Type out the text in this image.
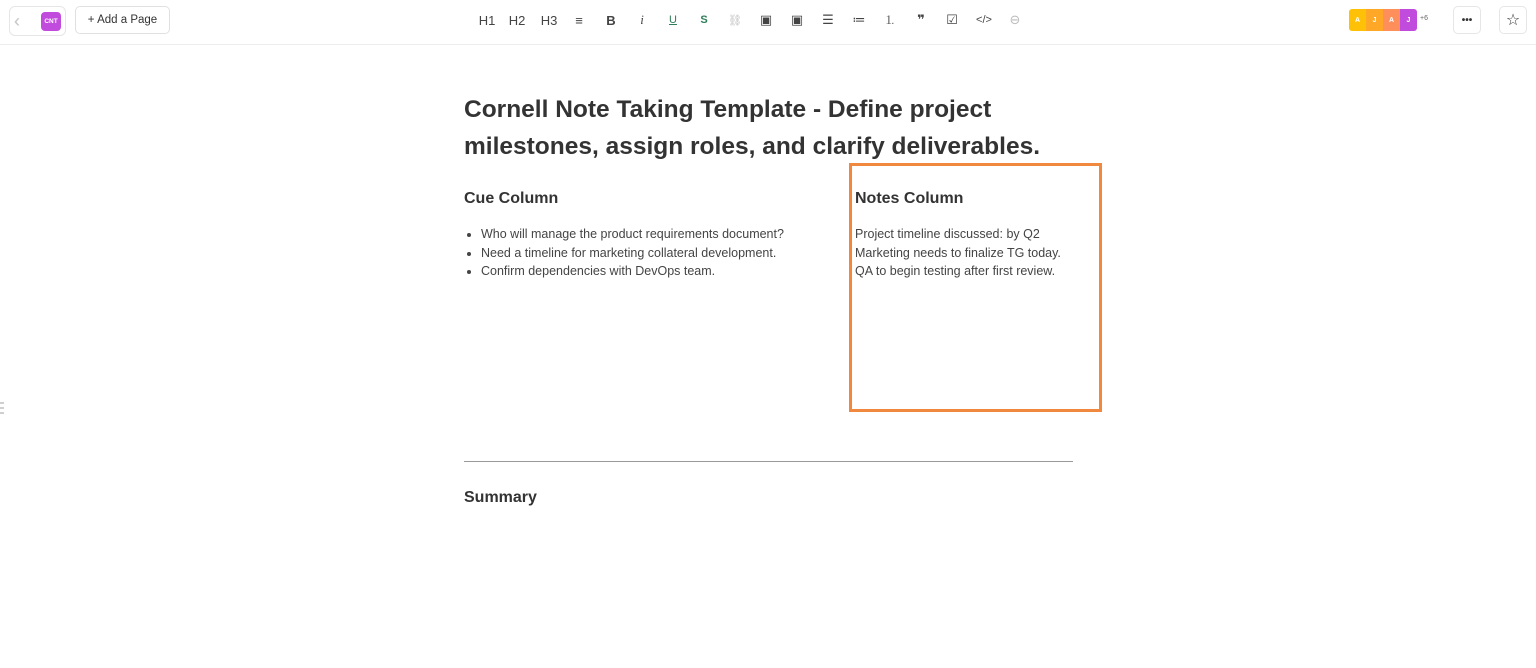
CNT	+ Add a Page	H1 H2 H3	≡	B	i	U	S	⛓ ▣ ▣ ☰ ≔ ⒈	❞	☑ </> ⊖	A	J	A	J	+6	••• ☆
Cornell Note Taking Template - Define project milestones, assign roles, and clarify deliverables.
Cue Column
• Who will manage the product requirements document?
• Need a timeline for marketing collateral development.
• Confirm dependencies with DevOps team.
Notes Column
Project timeline discussed: by Q2
Marketing needs to finalize TG today.
QA to begin testing after first review.
Summary
